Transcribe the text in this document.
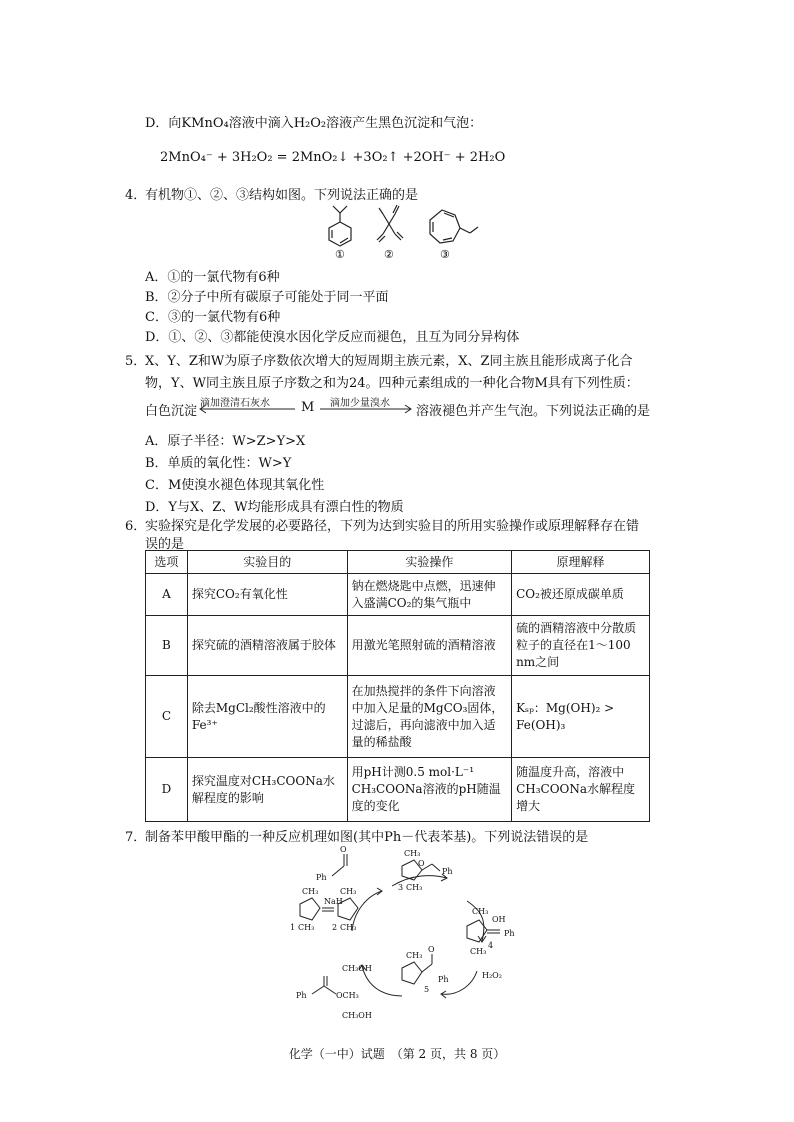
D．向KMnO₄溶液中滴入H₂O₂溶液产生黑色沉淀和气泡：
2MnO₄⁻ + 3H₂O₂ = 2MnO₂↓ +3O₂↑ +2OH⁻ + 2H₂O
4．
有机物①、②、③结构如图。下列说法正确的是
①	②	③
A．①的一氯代物有6种
B．②分子中所有碳原子可能处于同一平面
C．③的一氯代物有6种
D．①、②、③都能使溴水因化学反应而褪色，且互为同分异构体
5．
X、Y、Z和W为原子序数依次增大的短周期主族元素，X、Z同主族且能形成离子化合
物，Y、W同主族且原子序数之和为24。四种元素组成的一种化合物M具有下列性质：
白色沉淀
滴加澄清石灰水 M 滴加少量溴水
溶液褪色并产生气泡。下列说法正确的是
A．原子半径：W>Z>Y>X
B．单质的氧化性：W>Y
C．M使溴水褪色体现其氧化性
D．Y与X、Z、W均能形成具有漂白性的物质
6．
实验探究是化学发展的必要路径，下列为达到实验目的所用实验操作或原理解释存在错
误的是
选项	实验目的	实验操作	原理解释
A	探究CO₂有氧化性	钠在燃烧匙中点燃，迅速伸入盛满CO₂的集气瓶中	CO₂被还原成碳单质
B	探究硫的酒精溶液属于胶体	用激光笔照射硫的酒精溶液	硫的酒精溶液中分散质粒子的直径在1～100 nm之间
C	除去MgCl₂酸性溶液中的Fe³⁺	在加热搅拌的条件下向溶液中加入足量的MgCO₃固体，过滤后，再向滤液中加入适量的稀盐酸	Kₛₚ：Mg(OH)₂ > Fe(OH)₃
D	探究温度对CH₃COONa水解程度的影响	用pH计测0.5 mol·L⁻¹ CH₃COONa溶液的pH随温度的变化	随温度升高，溶液中CH₃COONa水解程度增大
7．
制备苯甲酸甲酯的一种反应机理如图(其中Ph－代表苯基)。下列说法错误的是
Ph
O	CH₃
Ph
O
3 CH₃
CH₃
1 CH₃
NaH
CH₃
2 CH₃
CH₃
OH
Ph
4
CH₃
H₂O₂
CH₃
O
Ph
5
Ph	OCH₃
CH₃OH
CH₃OH
化学（一中）试题　（第 2 页，共 8 页）
